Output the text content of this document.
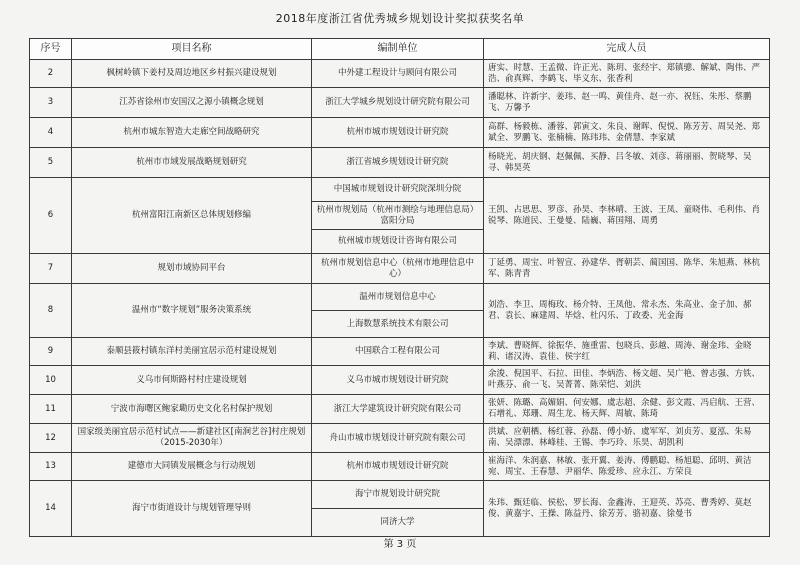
2018年度浙江省优秀城乡规划设计奖拟获奖名单
序号	项目名称	编制单位	完成人员
2	枫树岭镇下姜村及周边地区乡村振兴建设规划	中外建工程设计与顾问有限公司	唐实、时慧、王孟微、许正光、陈玥、张经宇、郑镇骢、解斌、陶伟、严浩、俞真辉、李鹤飞、毕义东、张香利
3	江苏省徐州市安国汉之源小镇概念规划	浙江大学城乡规划设计研究院有限公司	潘聪林、许新宇、姜玮、赵一鸣、黄佳舟、赵一亦、祝钰、朱彤、蔡鹏飞、万馨予
4	杭州市城东智造大走廊空间战略研究	杭州市城市规划设计研究院	高群、杨毅栋、潘蓉、郭寅文、朱良、谢晖、倪悦、陈芳芳、周吴尧、郑斌全、罗鹏飞、张楠楠、陈玮玮、金倩慧、李家斌
5	杭州市市域发展战略规划研究	浙江省城乡规划设计研究院	杨晓光、胡庆钢、赵佩佩、买静、吕冬敏、刘彦、蒋丽丽、贺晓琴、吴寻、韩昊英
6	杭州富阳江南新区总体规划修编	中国城市规划设计研究院深圳分院	王凯、占思思、罗彦、孙昊、李林晴、王波、王凤、童晓伟、毛利伟、肖锐琴、陈道民、王曼曼、陆巍、蒋国翔、周勇
		杭州市规划局（杭州市测绘与地理信息局）富阳分局	
		杭州城市规划设计咨询有限公司	
7	规划市域协同平台	杭州市规划信息中心（杭州市地理信息中心）	丁延勇、周宝、叶智宣、孙建华、胥朝芸、蔺国国、陈华、朱旭燕、林杭军、陈青青
8	温州市“数字规划”服务决策系统	温州市规划信息中心	刘浩、李卫、周梅玫、杨介特、王凤他、常永杰、朱高业、金子加、郝君、袁长、麻建周、毕焓、杜闪乐、丁政委、光金海
		上海数慧系统技术有限公司	
9	泰顺县筱村镇东洋村美丽宜居示范村建设规划	中国联合工程有限公司	李斌、曹晓辉、徐振华、施重雷、包晓兵、彭越、周涛、谢金玮、金晓莉、诸汉涛、袁佳、侯宇红
10	义乌市何斯路村村庄建设规划	义乌市城市规划设计研究院	余浚、倪国平、石拉、田佳、李炳浩、杨文超、吴广艳、曾志强、方铁、叶燕芬、俞一飞、吴菁菁、陈荣恺、刘洪
11	宁波市海曙区鲍家墈历史文化名村保护规划	浙江大学建筑设计研究院有限公司	张妍、陈璐、高媚娟、何安娜、虞志超、余健、彭文霞、冯启航、王营、石增礼、郑珊、周生龙、杨天辉、周敏、陈琦
12	国家级美丽宜居示范村试点——新建社区[南涧艺谷]村庄规划（2015-2030年）	舟山市城市规划设计研究院有限公司	洪斌、应朝栖、杨红蓉、孙磊、傅小娇、虞军军、刘贞芳、夏泓、朱易南、吴漂漂、林峰桂、王锡、李巧玲、乐昊、胡凯利
13	建德市大同镇发展概念与行动规划	杭州市城市规划设计研究院	崔海洋、朱润嘉、林敏、张开翼、姜涛、傅鹏聪、杨旭聪、邱明、黄洁宛、周宝、王春慧、尹丽华、陈爱珍、应永江、方荣良
14	海宁市街道设计与规划管理导则	海宁市规划设计研究院	朱玮、甄廷临、侯松、罗长海、金鑫涛、王迎英、苏亮、曹秀婷、莫赵俊、黄嘉宇、王操、陈益丹、徐芳芳、骆初嘉、徐曼书
		同济大学	
第 3 页
